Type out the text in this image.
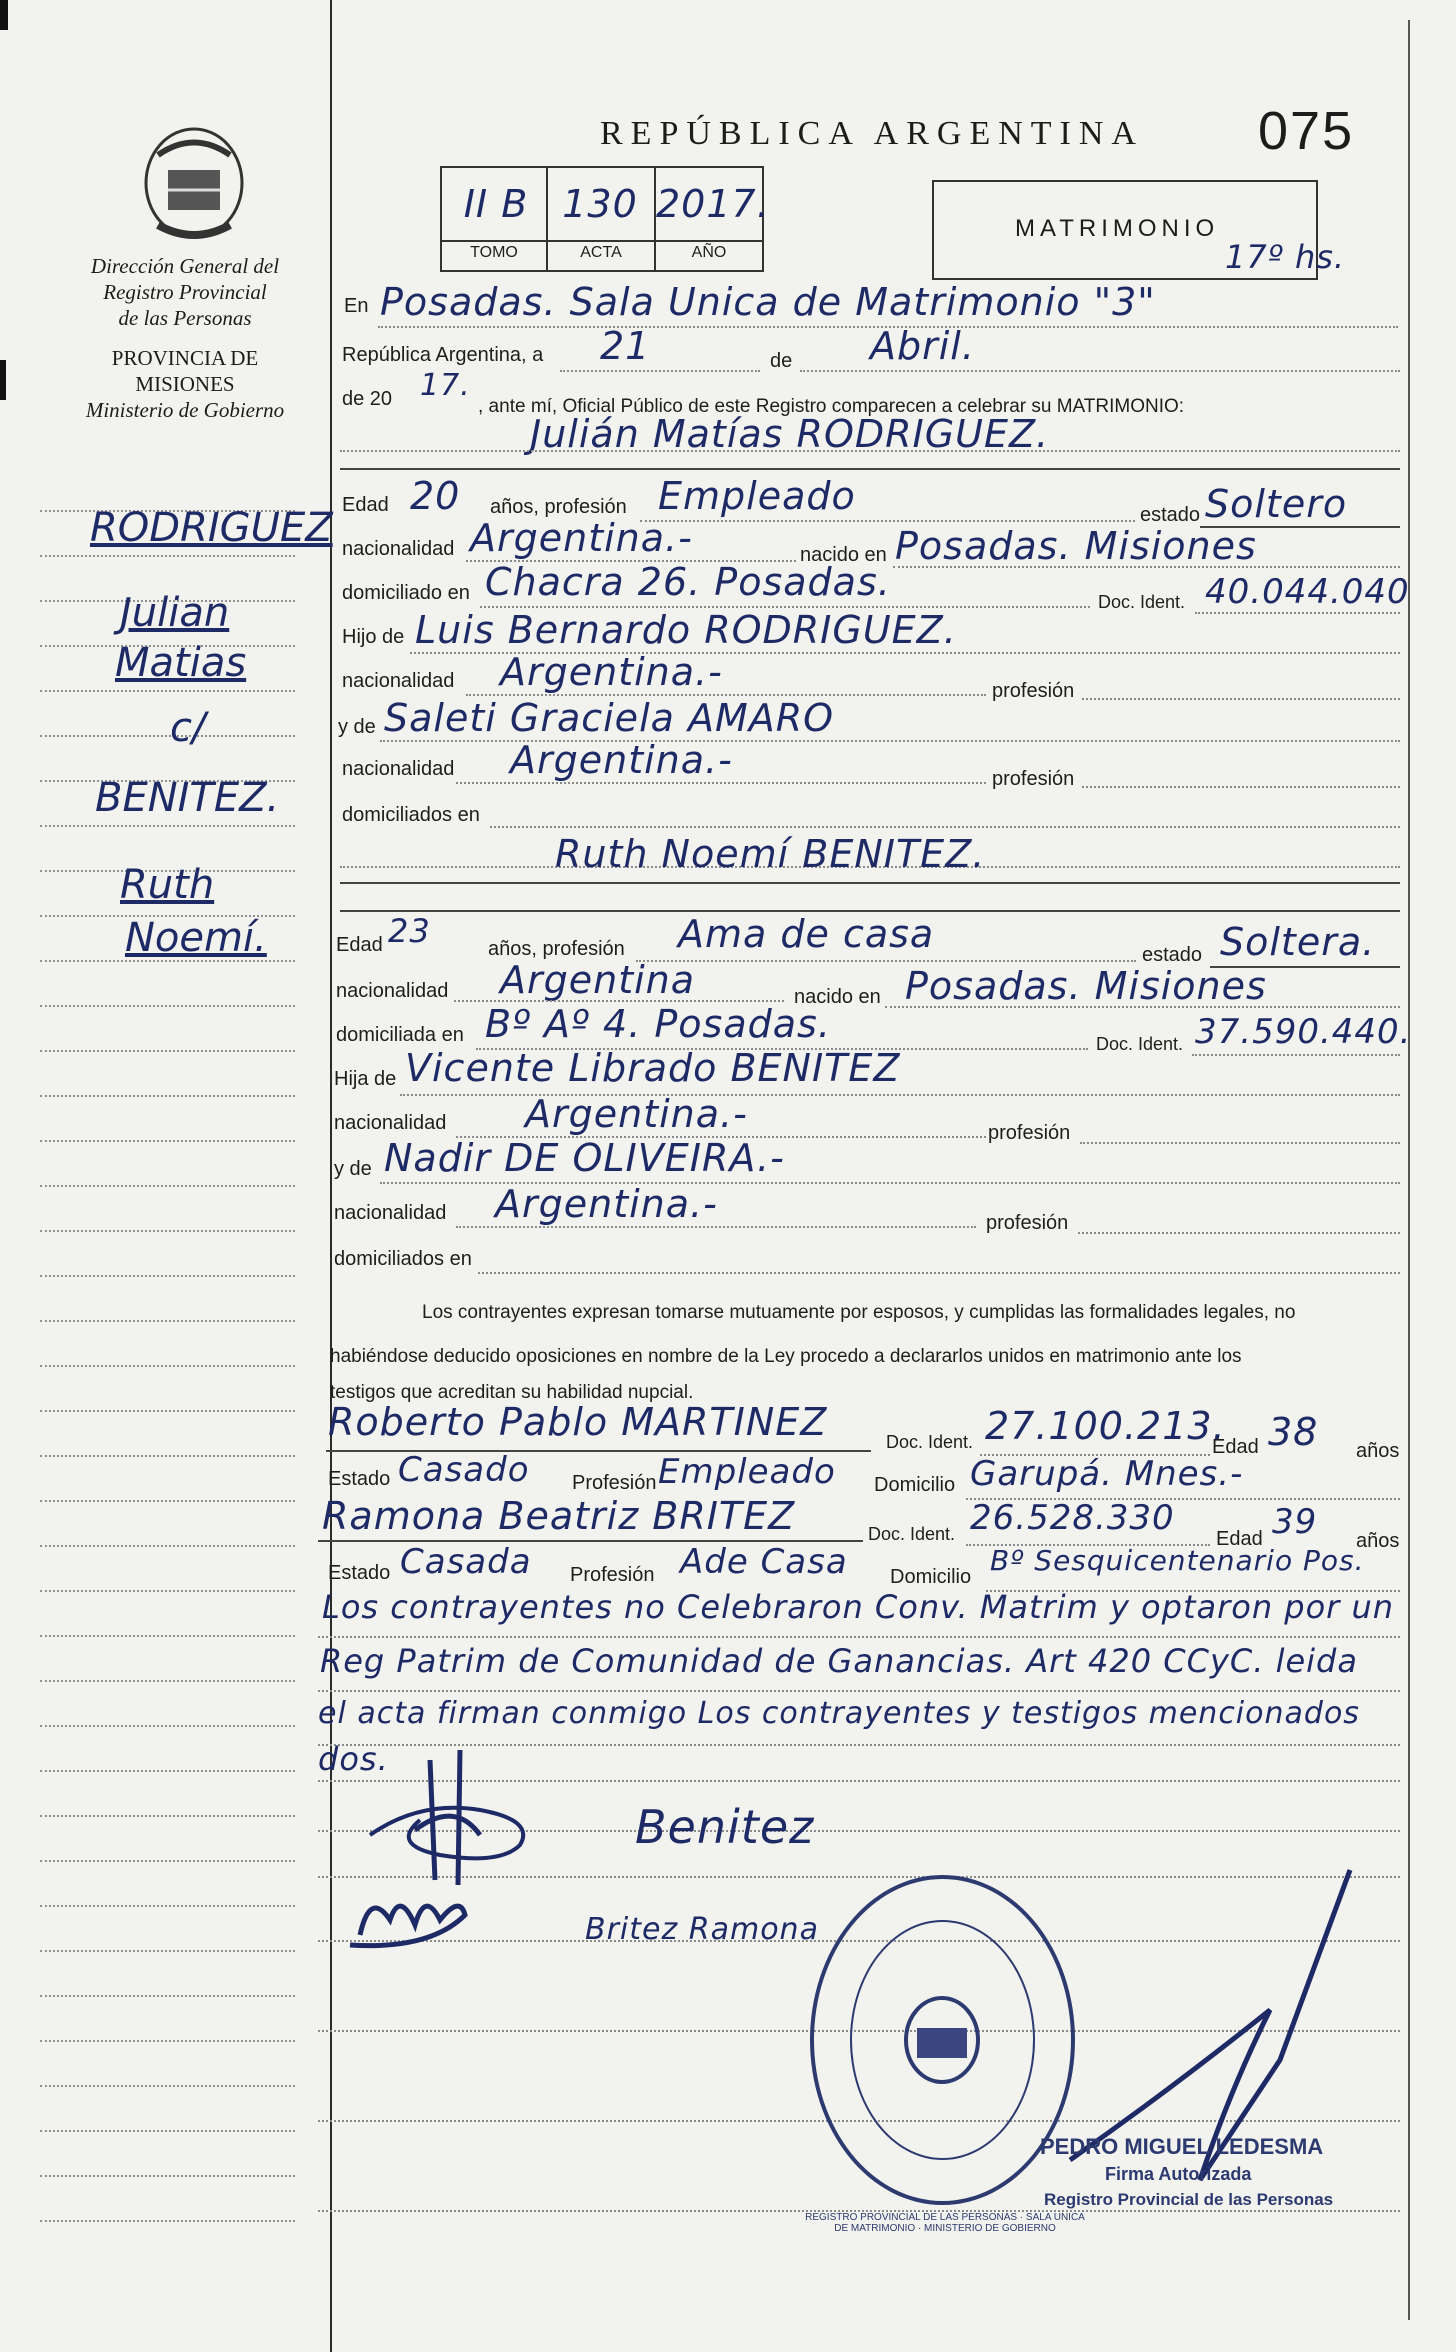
Dirección General del
Registro Provincial
de las Personas
PROVINCIA DE
MISIONES
Ministerio de Gobierno
RODRIGUEZ
Julian
Matias
c/
BENITEZ.
Ruth
Noemí.
REPÚBLICA ARGENTINA 075
II B 130 2017.
TOMO	ACTA	AÑO
MATRIMONIO
17º hs.
En Posadas. Sala Unica de Matrimonio "3"
República Argentina, a 21	de Abril.
de 20 17.
, ante mí, Oficial Público de este Registro comparecen a celebrar su MATRIMONIO:
Julián Matías RODRIGUEZ.
Edad 20 años, profesión Empleado	estado Soltero
nacionalidad Argentina.-	nacido en Posadas. Misiones
domiciliado en Chacra 26. Posadas.	Doc. Ident. 40.044.040
Hijo de Luis Bernardo RODRIGUEZ.
nacionalidad Argentina.-	profesión
y de Saleti Graciela AMARO
nacionalidad Argentina.-	profesión
domiciliados en
Ruth Noemí BENITEZ.
Edad 23	años, profesión Ama de casa	estado Soltera.
nacionalidad Argentina	nacido en Posadas. Misiones
domiciliada en Bº Aº 4. Posadas.	Doc. Ident. 37.590.440.
Hija de Vicente Librado BENITEZ
nacionalidad Argentina.-	profesión
y de Nadir DE OLIVEIRA.-
nacionalidad Argentina.-	profesión
domiciliados en
Los contrayentes expresan tomarse mutuamente por esposos, y cumplidas las formalidades legales, no
habiéndose deducido oposiciones en nombre de la Ley procedo a declararlos unidos en matrimonio ante los
testigos que acreditan su habilidad nupcial.
Roberto Pablo MARTINEZ	Doc. Ident. 27.100.213.
Edad 38 años
Estado Casado Profesión Empleado Domicilio Garupá. Mnes.-
Ramona Beatriz BRITEZ	Doc. Ident. 26.528.330
Edad 39 años
Estado Casada Profesión Ade Casa Domicilio Bº Sesquicentenario Pos.
Los contrayentes no Celebraron Conv. Matrim y optaron por un
Reg Patrim de Comunidad de Ganancias. Art 420 CCyC. leida
el acta firman conmigo Los contrayentes y testigos mencionados
dos.
Benitez
Britez Ramona
REGISTRO PROVINCIAL DE LAS PERSONAS · SALA UNICA DE MATRIMONIO · MINISTERIO DE GOBIERNO
PEDRO MIGUEL LEDESMA
Firma Autorizada
Registro Provincial de las Personas
